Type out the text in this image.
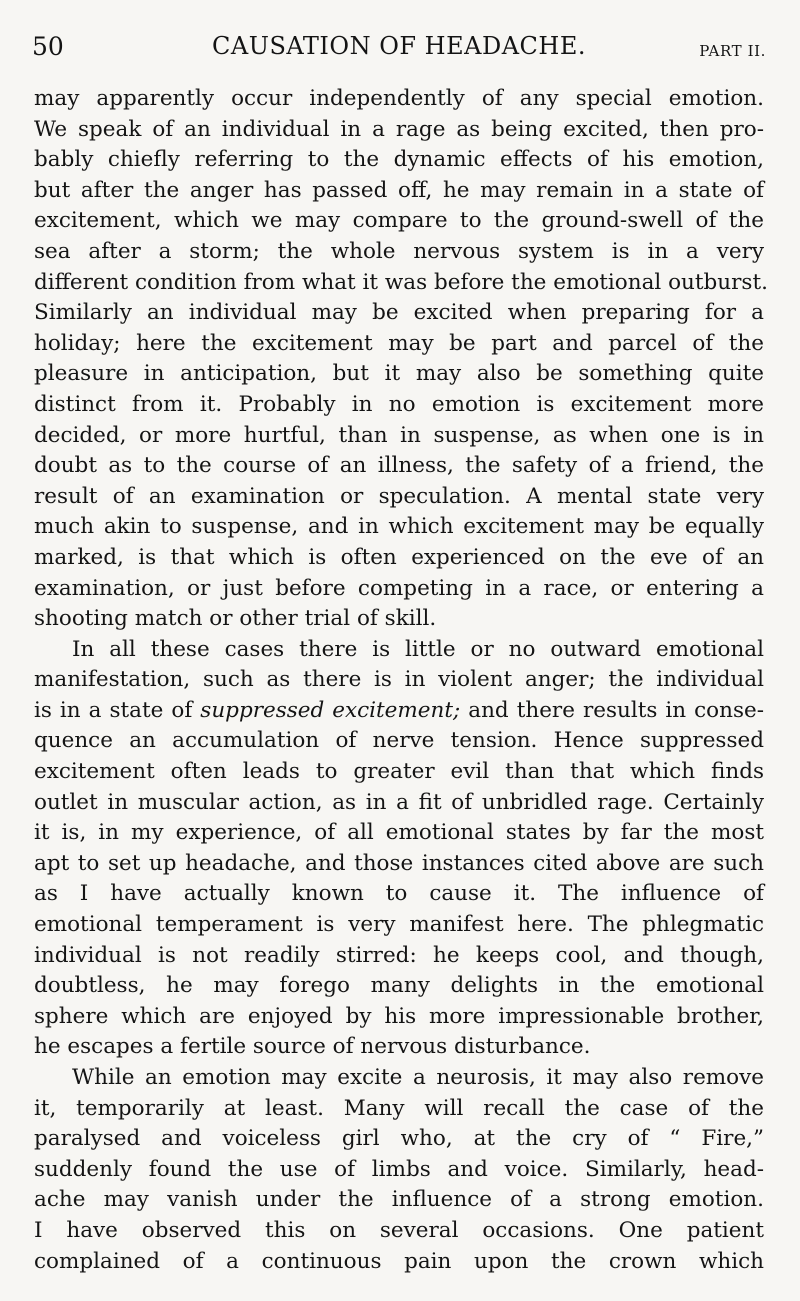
50	CAUSATION OF HEADACHE.	PART II.
may apparently occur independently of any special emotion.
We speak of an individual in a rage as being excited, then pro-
bably chiefly referring to the dynamic effects of his emotion,
but after the anger has passed off, he may remain in a state of
excitement, which we may compare to the ground-swell of the
sea after a storm; the whole nervous system is in a very
different condition from what it was before the emotional outburst.
Similarly an individual may be excited when preparing for a
holiday; here the excitement may be part and parcel of the
pleasure in anticipation, but it may also be something quite
distinct from it. Probably in no emotion is excitement more
decided, or more hurtful, than in suspense, as when one is in
doubt as to the course of an illness, the safety of a friend, the
result of an examination or speculation. A mental state very
much akin to suspense, and in which excitement may be equally
marked, is that which is often experienced on the eve of an
examination, or just before competing in a race, or entering a
shooting match or other trial of skill.
In all these cases there is little or no outward emotional
manifestation, such as there is in violent anger; the individual
is in a state of suppressed excitement; and there results in conse-
quence an accumulation of nerve tension. Hence suppressed
excitement often leads to greater evil than that which finds
outlet in muscular action, as in a fit of unbridled rage. Certainly
it is, in my experience, of all emotional states by far the most
apt to set up headache, and those instances cited above are such
as I have actually known to cause it. The influence of
emotional temperament is very manifest here. The phlegmatic
individual is not readily stirred: he keeps cool, and though,
doubtless, he may forego many delights in the emotional
sphere which are enjoyed by his more impressionable brother,
he escapes a fertile source of nervous disturbance.
While an emotion may excite a neurosis, it may also remove
it, temporarily at least. Many will recall the case of the
paralysed and voiceless girl who, at the cry of “ Fire,”
suddenly found the use of limbs and voice. Similarly, head-
ache may vanish under the influence of a strong emotion.
I have observed this on several occasions. One patient
complained of a continuous pain upon the crown which
